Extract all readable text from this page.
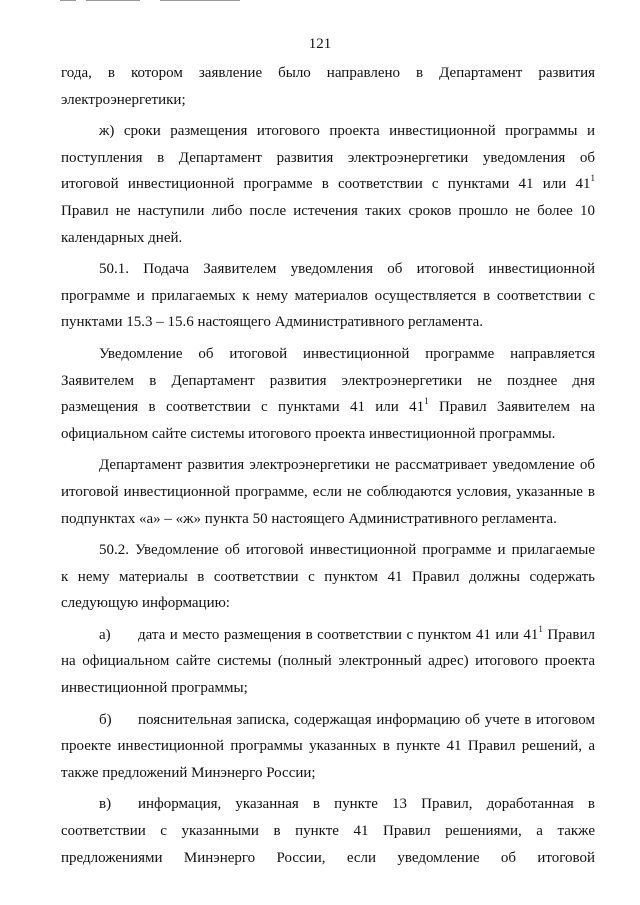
121
года, в котором заявление было направлено в Департамент развития
электроэнергетики;
ж) сроки размещения итогового проекта инвестиционной программы и
поступления в Департамент развития электроэнергетики уведомления об
итоговой инвестиционной программе в соответствии с пунктами 41 или $41^1$
Правил не наступили либо после истечения таких сроков прошло не более 10
календарных дней.
50.1. Подача Заявителем уведомления об итоговой инвестиционной
программе и прилагаемых к нему материалов осуществляется в соответствии с
пунктами 15.3 – 15.6 настоящего Административного регламента.
Уведомление об итоговой инвестиционной программе направляется
Заявителем в Департамент развития электроэнергетики не позднее дня
размещения в соответствии с пунктами 41 или $41^1$ Правил Заявителем на
официальном сайте системы итогового проекта инвестиционной программы.
Департамент развития электроэнергетики не рассматривает уведомление об
итоговой инвестиционной программе, если не соблюдаются условия, указанные в
подпунктах «а» – «ж» пункта 50 настоящего Административного регламента.
50.2. Уведомление об итоговой инвестиционной программе и прилагаемые
к нему материалы в соответствии с пунктом 41 Правил должны содержать
следующую информацию:
а) дата и место размещения в соответствии с пунктом 41 или $41^1$ Правил
на официальном сайте системы (полный электронный адрес) итогового проекта
инвестиционной программы;
б) пояснительная записка, содержащая информацию об учете в итоговом
проекте инвестиционной программы указанных в пункте 41 Правил решений, а
также предложений Минэнерго России;
в) информация, указанная в пункте 13 Правил, доработанная в
соответствии с указанными в пункте 41 Правил решениями, а также
предложениями Минэнерго России, если уведомление об итоговой
